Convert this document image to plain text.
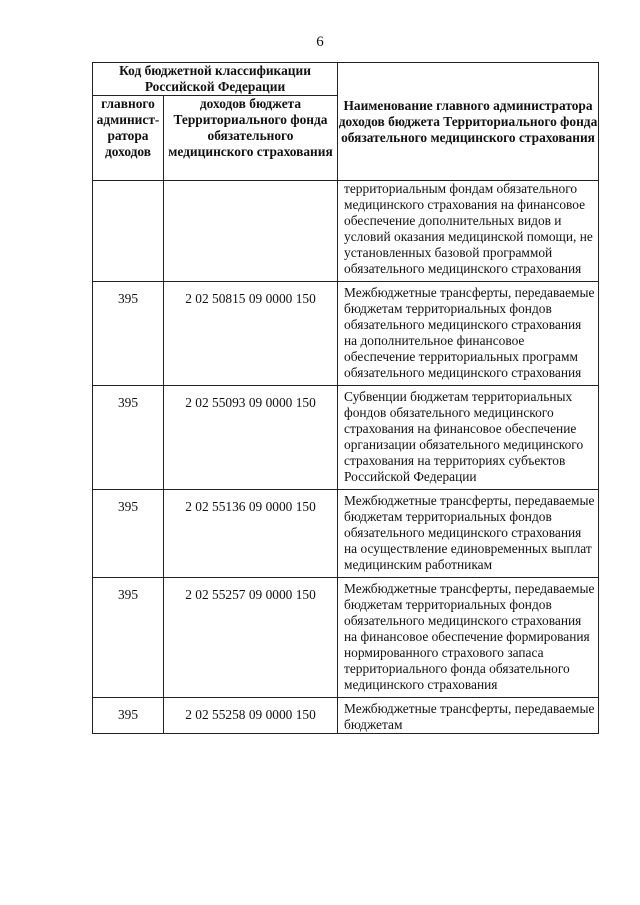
6
Код бюджетной классификации Российской Федерации		Наименование главного администратора доходов бюджета Территориального фонда обязательного медицинского страхования
главного админист-ратора доходов	доходов бюджета Территориального фонда обязательного медицинского страхования	

		территориальным фондам обязательного медицинского страхования на финансовое обеспечение дополнительных видов и условий оказания медицинской помощи, не установленных базовой программой обязательного медицинского страхования

395	2 02 50815 09 0000 150	Межбюджетные трансферты, передаваемые бюджетам территориальных фондов обязательного медицинского страхования на дополнительное финансовое обеспечение территориальных программ обязательного медицинского страхования

395	2 02 55093 09 0000 150	Субвенции бюджетам территориальных фондов обязательного медицинского страхования на финансовое обеспечение организации обязательного медицинского страхования на территориях субъектов Российской Федерации

395	2 02 55136 09 0000 150	Межбюджетные трансферты, передаваемые бюджетам территориальных фондов обязательного медицинского страхования на осуществление единовременных выплат медицинским работникам

395	2 02 55257 09 0000 150	Межбюджетные трансферты, передаваемые бюджетам территориальных фондов обязательного медицинского страхования на финансовое обеспечение формирования нормированного страхового запаса территориального фонда обязательного медицинского страхования

395	2 02 55258 09 0000 150	Межбюджетные трансферты, передаваемые бюджетам
